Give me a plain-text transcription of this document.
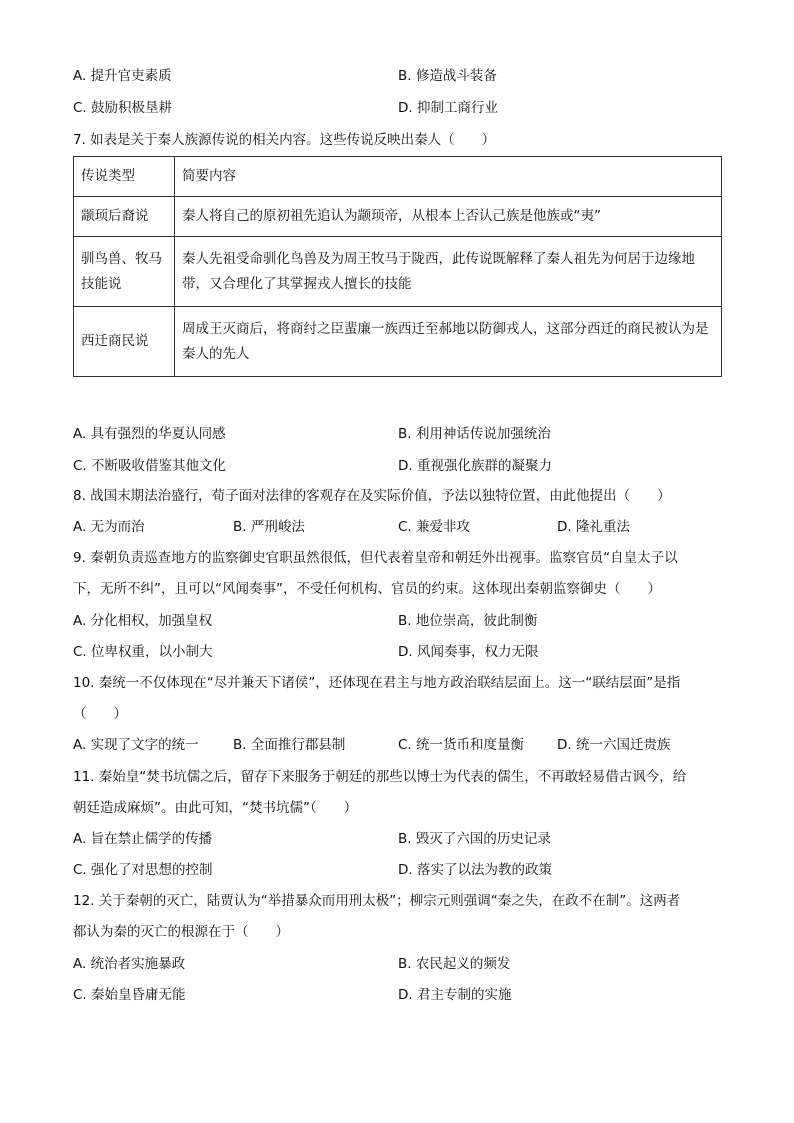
A. 提升官吏素质	B. 修造战斗装备
C. 鼓励积极垦耕	D. 抑制工商行业
7. 如表是关于秦人族源传说的相关内容。这些传说反映出秦人（　　）
传说类型	简要内容
颛顼后裔说	秦人将自己的原初祖先追认为颛顼帝，从根本上否认己族是他族或“夷”
驯鸟兽、牧马技能说	秦人先祖受命驯化鸟兽及为周王牧马于陇西，此传说既解释了秦人祖先为何居于边缘地带，又合理化了其掌握戎人擅长的技能
西迁商民说	周成王灭商后，将商纣之臣蜚廉一族西迁至郝地以防御戎人，这部分西迁的商民被认为是秦人的先人
A. 具有强烈的华夏认同感	B. 利用神话传说加强统治
C. 不断吸收借鉴其他文化	D. 重视强化族群的凝聚力
8. 战国末期法治盛行，荀子面对法律的客观存在及实际价值，予法以独特位置，由此他提出（　　）
A. 无为而治	B. 严刑峻法	C. 兼爱非攻	D. 隆礼重法
9. 秦朝负责巡查地方的监察御史官职虽然很低，但代表着皇帝和朝廷外出视事。监察官员“自皇太子以
下，无所不纠”，且可以“风闻奏事”，不受任何机构、官员的约束。这体现出秦朝监察御史（　　）
A. 分化相权，加强皇权	B. 地位崇高，彼此制衡
C. 位卑权重，以小制大	D. 风闻奏事，权力无限
10. 秦统一不仅体现在“尽并兼天下诸侯”，还体现在君主与地方政治联结层面上。这一“联结层面”是指
（　　）
A. 实现了文字的统一	B. 全面推行郡县制	C. 统一货币和度量衡 D. 统一六国迁贵族
11. 秦始皇“焚书坑儒之后，留存下来服务于朝廷的那些以博士为代表的儒生，不再敢轻易借古讽今，给
朝廷造成麻烦”。由此可知，“焚书坑儒”（　　）
A. 旨在禁止儒学的传播	B. 毁灭了六国的历史记录
C. 强化了对思想的控制	D. 落实了以法为教的政策
12. 关于秦朝的灭亡，陆贾认为“举措暴众而用刑太极”；柳宗元则强调“秦之失，在政不在制”。这两者
都认为秦的灭亡的根源在于（　　）
A. 统治者实施暴政	B. 农民起义的频发
C. 秦始皇昏庸无能	D. 君主专制的实施
